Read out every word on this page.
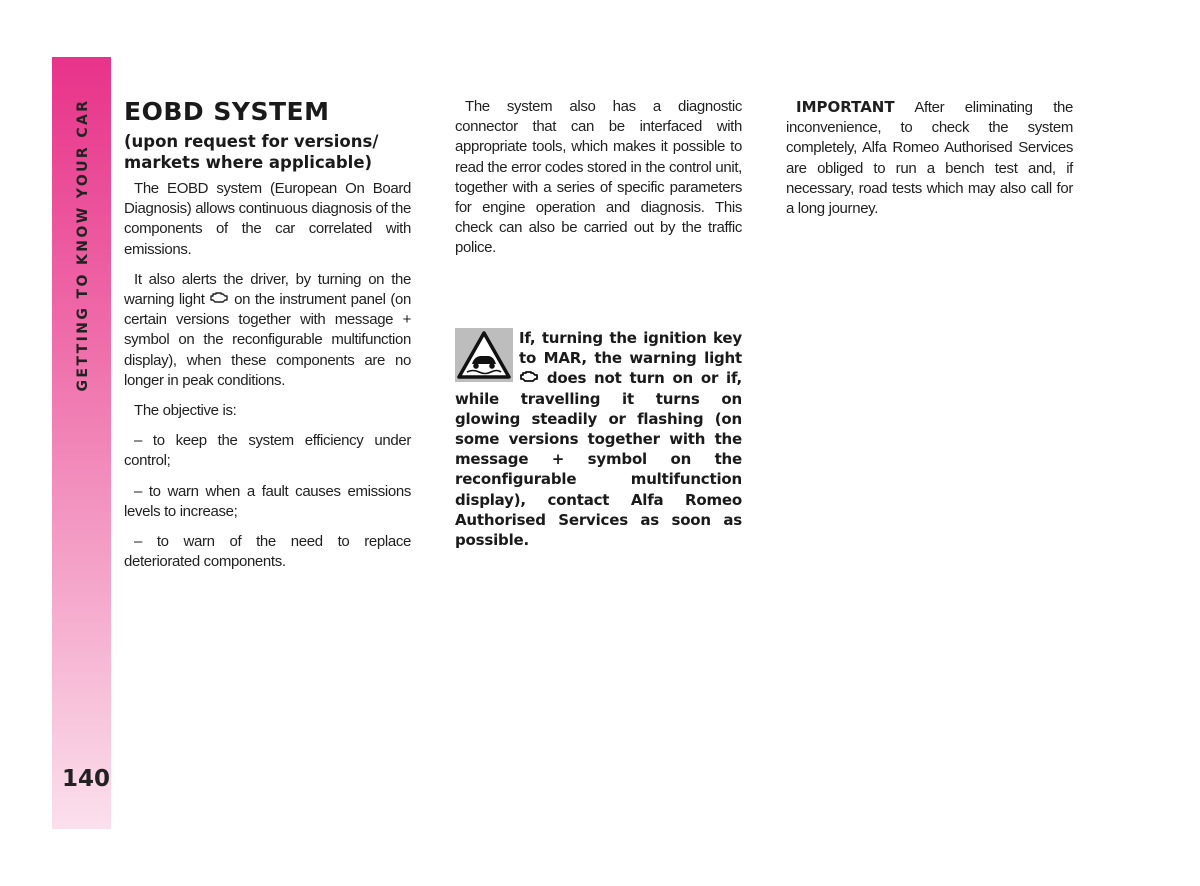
GETTING TO KNOW YOUR CAR
140
EOBD SYSTEM
(upon request for versions/
markets where applicable)

The EOBD system (European On Board Diagnosis) allows continuous diagnosis of the components of the car correlated with emissions.

It also alerts the driver, by turning on the warning light  on the instrument panel (on certain versions together with message + symbol on the reconfigurable multifunction display), when these components are no longer in peak conditions.

The objective is:

– to keep the system efficiency under control;

– to warn when a fault causes emissions levels to increase;

– to warn of the need to replace deteriorated components.

The system also has a diagnostic connector that can be interfaced with appropriate tools, which makes it possible to read the error codes stored in the control unit, together with a series of specific parameters for engine operation and diagnosis. This check can also be carried out by the traffic police.

If, turning the ignition key to MAR, the warning light  does not turn on or if, while travelling it turns on glowing steadily or flashing (on some versions together with the message + symbol on the reconfigurable multifunction display), contact Alfa Romeo Authorised Services as soon as possible.

IMPORTANT After eliminating the inconvenience, to check the system completely, Alfa Romeo Authorised Services are obliged to run a bench test and, if necessary, road tests which may also call for a long journey.
